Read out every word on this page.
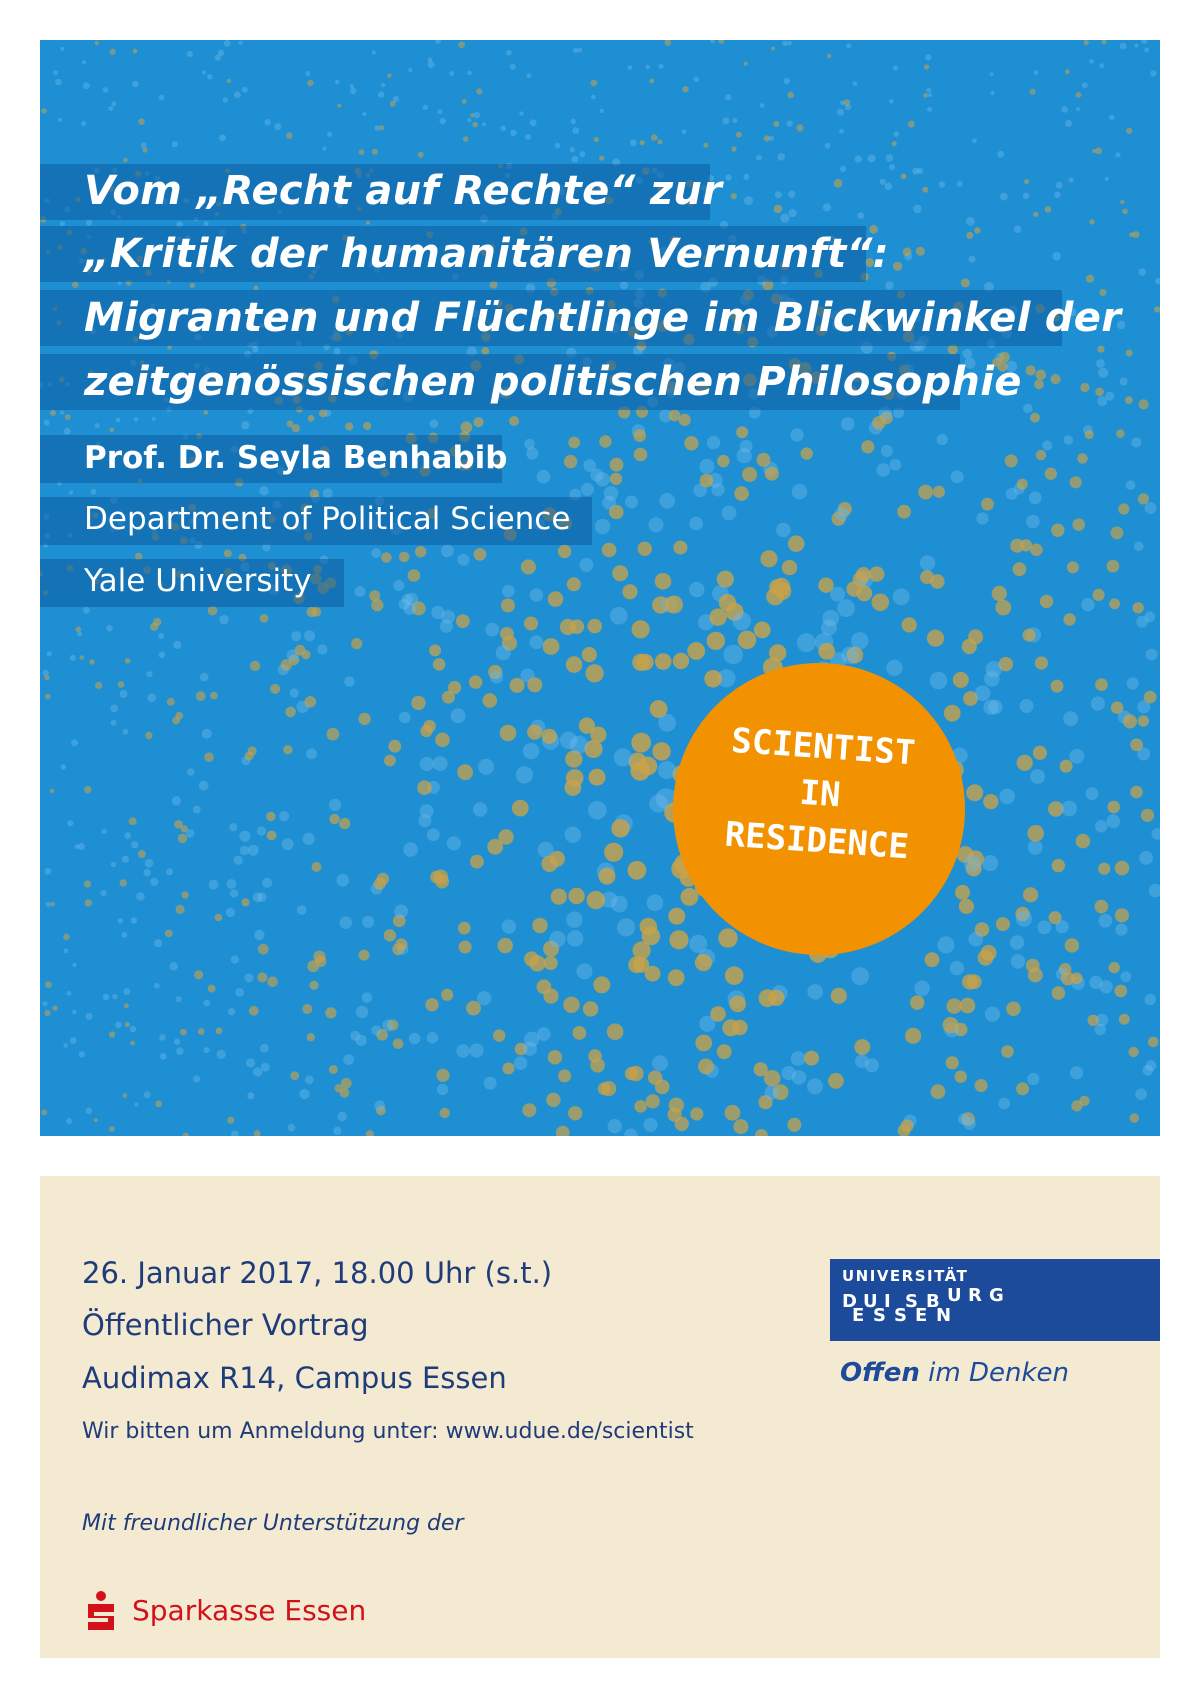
Vom „Recht auf Rechte“ zur
„Kritik der humanitären Vernunft“:
Migranten und Flüchtlinge im Blickwinkel der
zeitgenössischen politischen Philosophie
Prof. Dr. Seyla Benhabib
Department of Political Science
Yale University
SCIENTIST
IN
RESIDENCE
26. Januar 2017, 18.00 Uhr (s.t.)
Öffentlicher Vortrag
Audimax R14, Campus Essen
Wir bitten um Anmeldung unter: www.udue.de/scientist
Mit freundlicher Unterstützung der
UNIVERSITÄT
D U I S B U R G
E S S E N
Offen im Denken
Sparkasse Essen
